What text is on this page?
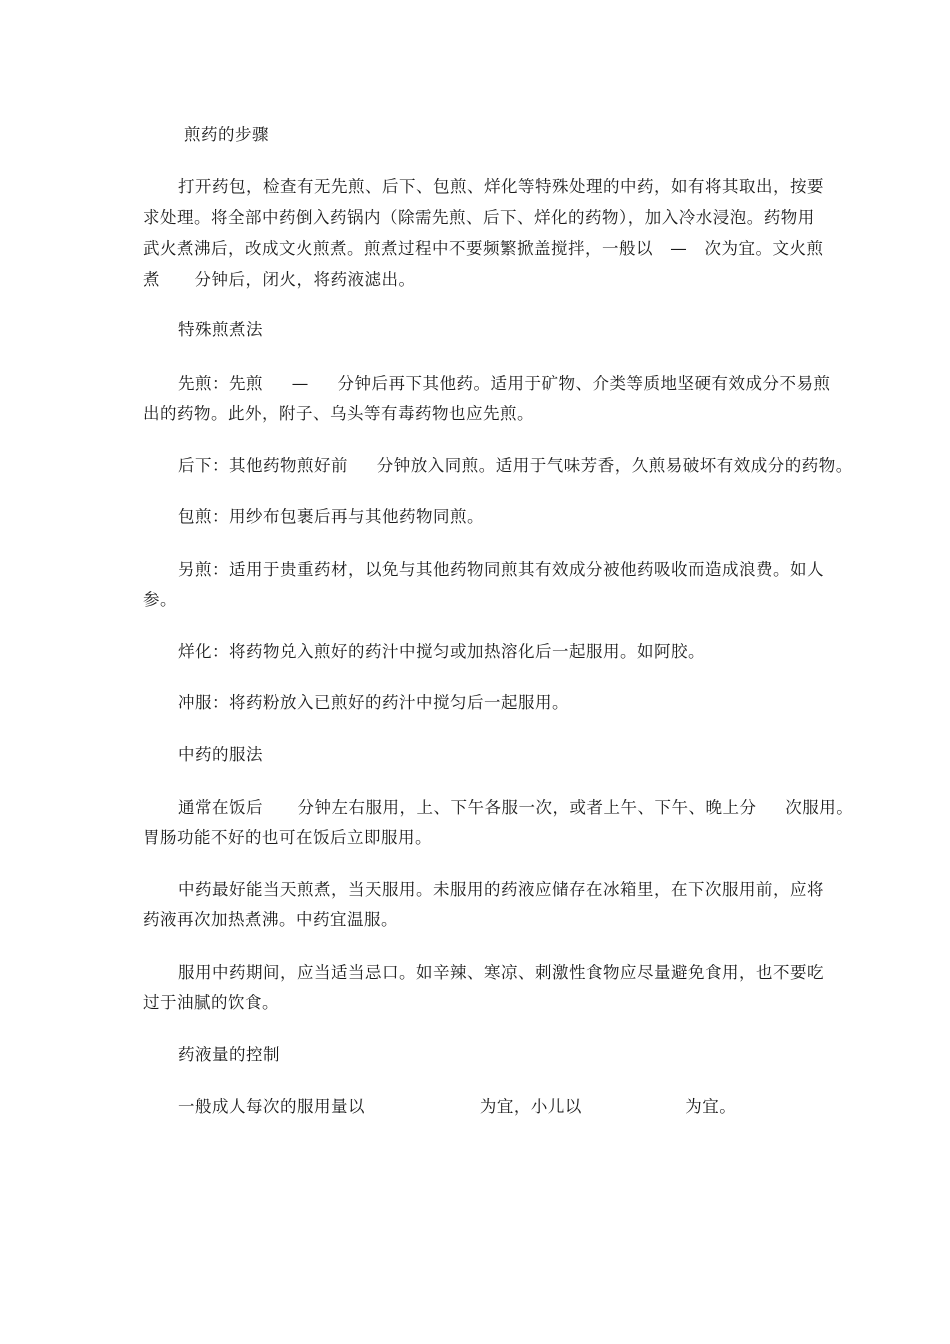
煎药的步骤
打开药包，检查有无先煎、后下、包煎、烊化等特殊处理的中药，如有将其取出，按要
求处理。将全部中药倒入药锅内（除需先煎、后下、烊化的药物），加入冷水浸泡。药物用
武火煮沸后，改成文火煎煮。煎煮过程中不要频繁掀盖搅拌，一般以   —   次为宜。文火煎
煮      分钟后，闭火，将药液滤出。
特殊煎煮法
先煎：先煎     —     分钟后再下其他药。适用于矿物、介类等质地坚硬有效成分不易煎
出的药物。此外，附子、乌头等有毒药物也应先煎。
后下：其他药物煎好前     分钟放入同煎。适用于气味芳香，久煎易破坏有效成分的药物。
包煎：用纱布包裹后再与其他药物同煎。
另煎：适用于贵重药材，以免与其他药物同煎其有效成分被他药吸收而造成浪费。如人
参。
烊化：将药物兑入煎好的药汁中搅匀或加热溶化后一起服用。如阿胶。
冲服：将药粉放入已煎好的药汁中搅匀后一起服用。
中药的服法
通常在饭后      分钟左右服用，上、下午各服一次，或者上午、下午、晚上分     次服用。
胃肠功能不好的也可在饭后立即服用。
中药最好能当天煎煮，当天服用。未服用的药液应储存在冰箱里，在下次服用前，应将
药液再次加热煮沸。中药宜温服。
服用中药期间，应当适当忌口。如辛辣、寒凉、刺激性食物应尽量避免食用，也不要吃
过于油腻的饮食。
药液量的控制
一般成人每次的服用量以                    为宜，小儿以                  为宜。
